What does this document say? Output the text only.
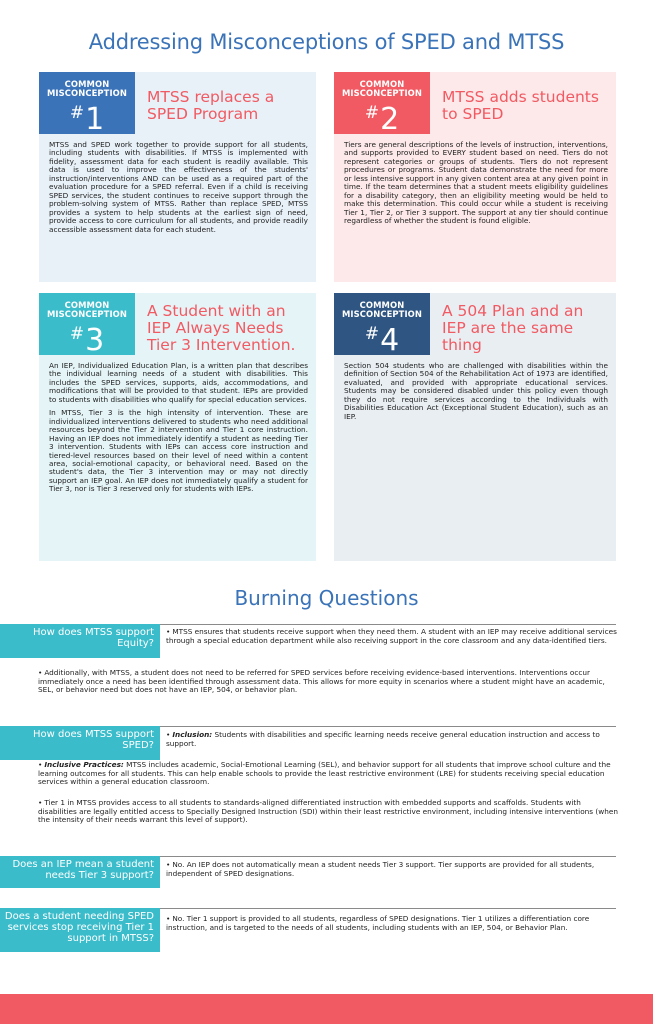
Addressing Misconceptions of SPED and MTSS
COMMON MISCONCEPTION
#1
MTSS replaces a SPED Program

MTSS and SPED work together to provide support for all students, including students with disabilities. If MTSS is implemented with fidelity, assessment data for each student is readily available. This data is used to improve the effectiveness of the students' instruction/interventions AND can be used as a required part of the evaluation procedure for a SPED referral. Even if a child is receiving SPED services, the student continues to receive support through the problem-solving system of MTSS. Rather than replace SPED, MTSS provides a system to help students at the earliest sign of need, provide access to core curriculum for all students, and provide readily accessible assessment data for each student.

COMMON MISCONCEPTION
#2
MTSS adds students to SPED

Tiers are general descriptions of the levels of instruction, interventions, and supports provided to EVERY student based on need. Tiers do not represent categories or groups of students. Tiers do not represent procedures or programs. Student data demonstrate the need for more or less intensive support in any given content area at any given point in time. If the team determines that a student meets eligibility guidelines for a disability category, then an eligibility meeting would be held to make this determination. This could occur while a student is receiving Tier 1, Tier 2, or Tier 3 support. The support at any tier should continue regardless of whether the student is found eligible.

COMMON MISCONCEPTION
#3
A Student with an IEP Always Needs Tier 3 Intervention.

An IEP, Individualized Education Plan, is a written plan that describes the individual learning needs of a student with disabilities. This includes the SPED services, supports, aids, accommodations, and modifications that will be provided to that student. IEPs are provided to students with disabilities who qualify for special education services.

In MTSS, Tier 3 is the high intensity of intervention. These are individualized interventions delivered to students who need additional resources beyond the Tier 2 intervention and Tier 1 core instruction. Having an IEP does not immediately identify a student as needing Tier 3 intervention. Students with IEPs can access core instruction and tiered-level resources based on their level of need within a content area, social-emotional capacity, or behavioral need. Based on the student's data, the Tier 3 intervention may or may not directly support an IEP goal. An IEP does not immediately qualify a student for Tier 3, nor is Tier 3 reserved only for students with IEPs.

COMMON MISCONCEPTION
#4
A 504 Plan and an IEP are the same thing

Section 504 students who are challenged with disabilities within the definition of Section 504 of the Rehabilitation Act of 1973 are identified, evaluated, and provided with appropriate educational services. Students may be considered disabled under this policy even though they do not require services according to the Individuals with Disabilities Education Act (Exceptional Student Education), such as an IEP.

Burning Questions
How does MTSS support Equity?
• MTSS ensures that students receive support when they need them. A student with an IEP may receive additional services through a special education department while also receiving support in the core classroom and any data-identified tiers.
• Additionally, with MTSS, a student does not need to be referred for SPED services before receiving evidence-based interventions. Interventions occur immediately once a need has been identified through assessment data. This allows for more equity in scenarios where a student might have an academic, SEL, or behavior need but does not have an IEP, 504, or behavior plan.
How does MTSS support SPED?
• Inclusion: Students with disabilities and specific learning needs receive general education instruction and access to support.
• Inclusive Practices: MTSS includes academic, Social-Emotional Learning (SEL), and behavior support for all students that improve school culture and the learning outcomes for all students. This can help enable schools to provide the least restrictive environment (LRE) for students receiving special education services within a general education classroom.
• Tier 1 in MTSS provides access to all students to standards-aligned differentiated instruction with embedded supports and scaffolds. Students with disabilities are legally entitled access to Specially Designed Instruction (SDI) within their least restrictive environment, including intensive interventions (when the intensity of their needs warrant this level of support).
Does an IEP mean a student needs Tier 3 support?
• No. An IEP does not automatically mean a student needs Tier 3 support. Tier supports are provided for all students, independent of SPED designations.
Does a student needing SPED services stop receiving Tier 1 support in MTSS?
• No. Tier 1 support is provided to all students, regardless of SPED designations. Tier 1 utilizes a differentiation core instruction, and is targeted to the needs of all students, including students with an IEP, 504, or Behavior Plan.
